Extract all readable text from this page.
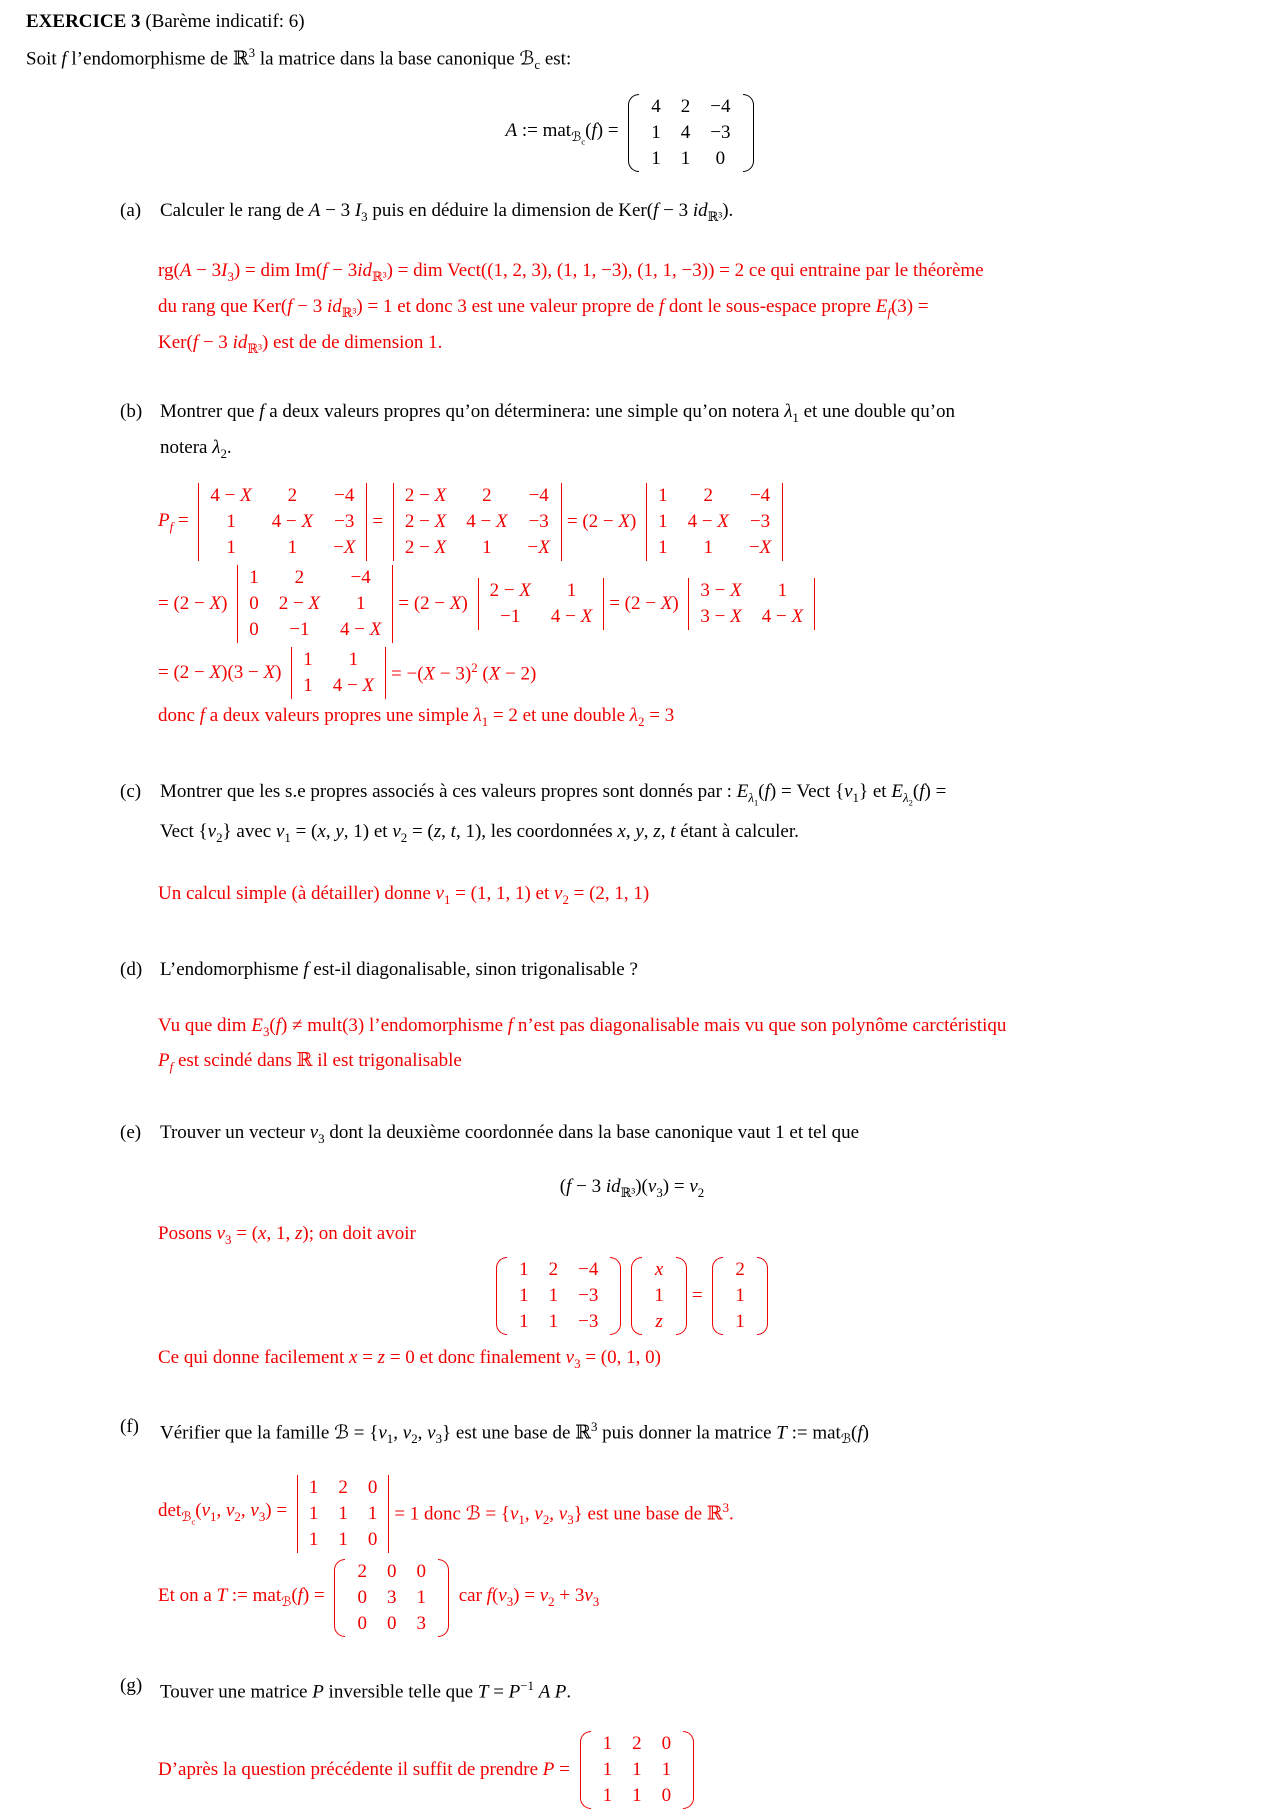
EXERCICE 3 (Barème indicatif: 6)
Soit f l’endomorphisme de ℝ$^3$ la matrice dans la base canonique ℬ$_c$ est:
A := mat$_{ℬ_c}$(f) =
4	2	−4
1	4	−3
1	1	0
(a) Calculer le rang de A − 3 $I_3$ puis en déduire la dimension de Ker(f − 3 $id_{ℝ^3}$).
$rg(A - 3I_3)$ = dim $Im(f - 3id_{ℝ^3})$ = dim Vect((1, 2, 3), (1, 1, −3), (1, 1, −3)) = 2 ce qui entraine par le théorème
du rang que Ker(f − 3 $id_{ℝ^3}) = 1$ et donc 3 est une valeur propre de f dont le sous-espace propre $E_f(3)$ =
Ker(f − 3 $id_{ℝ^3}$) est de de dimension 1.
(b) Montrer que f a deux valeurs propres qu’on déterminera: une simple qu’on notera $\lambda_1$ et une double qu’on
notera $\lambda_2$.
$P_f$ =
4 − X	2	−4
1	4 − X	−3
1	1	−X
=
2 − X	2	−4
2 − X	4 − X	−3
2 − X	1	−X
= (2 − X)
1	2	−4
1	4 − X	−3
1	1	−X
= (2 − X)
1	2	−4
0	2 − X	1
0	−1	4 − X
= (2 − X)
2 − X	1
−1	4 − X
= (2 − X)
3 − X	1
3 − X	4 − X
= (2 − X)(3 − X)
1	1
1	4 − X
= $-(X - 3)^2$ (X − 2)
donc f a deux valeurs propres une simple $\lambda_1 = 2$ et une double $\lambda_2 = 3$
(c) Montrer que les s.e propres associés à ces valeurs propres sont donnés par : $E_{\lambda_1}(f)$ = Vect $\{v_1\}$ et $E_{\lambda_2}(f)$ =
Vect $\{v_2\}$ avec $v_1 = (x$, y, 1) et $v_2 = (z$, t, 1), les coordonnées x, y, z, t étant à calculer.
Un calcul simple (à détailler) donne $v_1 = (1$, 1, 1) et $v_2 = (2$, 1, 1)
(d) L’endomorphisme f est-il diagonalisable, sinon trigonalisable ?
Vu que dim $E_3(f)$ ≠ mult(3) l’endomorphisme f n’est pas diagonalisable mais vu que son polynôme carctéristiqu
$P_f$ est scindé dans ℝ il est trigonalisable
(e) Trouver un vecteur $v_3$ dont la deuxième coordonnée dans la base canonique vaut 1 et tel que
(f − 3 $id_{ℝ^3})(v_3) = v_2$
Posons $v_3 = (x$, 1, z); on doit avoir
1	2	−4
1	1	−3
1	1	−3
x
1
z
=
2
1
1
Ce qui donne facilement x = z = 0 et donc finalement $v_3 = (0$, 1, 0)
(f)	Vérifier que la famille ℬ = {$v_1$, $v_2$, $v_3$} est une base de ℝ$^3$ puis donner la matrice T := mat$_ℬ$(f)
$\det_{ℬ_c}(v_1$, $v_2$, $v_3$) =
1	2	0
1	1	1
1	1	0
= 1 donc ℬ = {$v_1$, $v_2$, $v_3$} est une base de ℝ$^3$.
Et on a T := mat$_ℬ$(f) =
2	0	0
0	3	1
0	0	3
car $f(v_3) = v_2 + 3v_3$
(g) Touver une matrice P inversible telle que $T = P^{-1}$ A P.
D’après la question précédente il suffit de prendre P =
1	2	0
1	1	1
1	1	0
